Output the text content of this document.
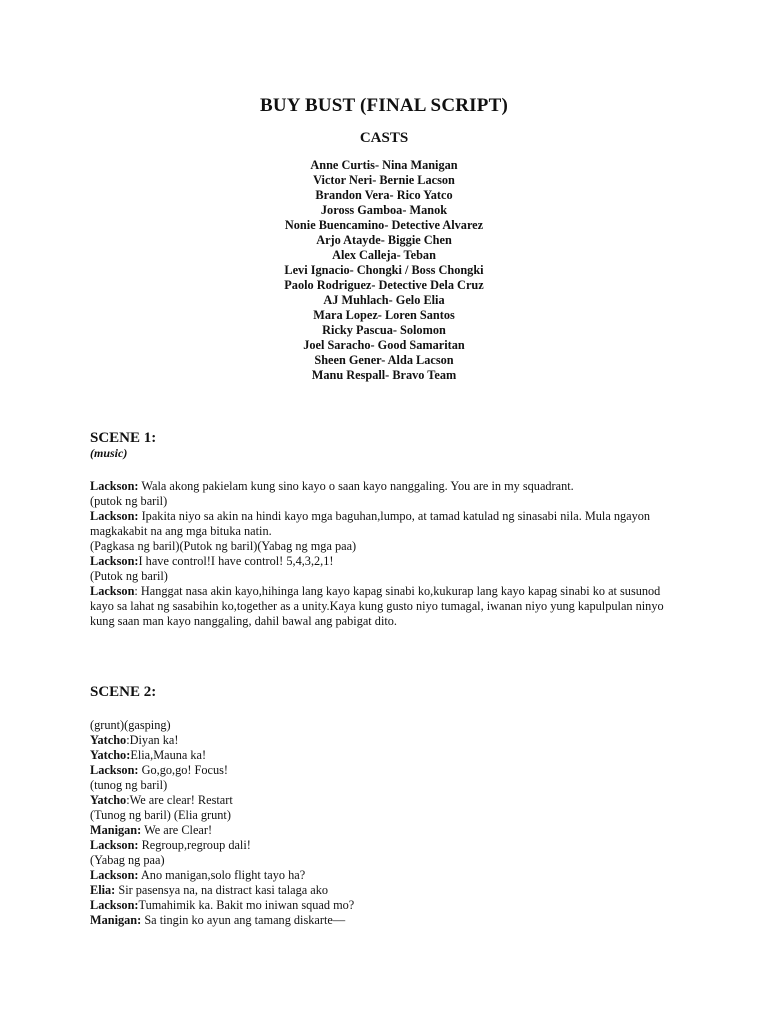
BUY BUST (FINAL SCRIPT)
CASTS
Anne Curtis- Nina Manigan
Victor Neri- Bernie Lacson
Brandon Vera- Rico Yatco
Joross Gamboa- Manok
Nonie Buencamino- Detective Alvarez
Arjo Atayde- Biggie Chen
Alex Calleja- Teban
Levi Ignacio- Chongki / Boss Chongki
Paolo Rodriguez- Detective Dela Cruz
AJ Muhlach- Gelo Elia
Mara Lopez- Loren Santos
Ricky Pascua- Solomon
Joel Saracho- Good Samaritan
Sheen Gener- Alda Lacson
Manu Respall- Bravo Team
SCENE 1:
(music)
Lackson: Wala akong pakielam kung sino kayo o saan kayo nanggaling. You are in my squadrant.
(putok ng baril)
Lackson: Ipakita niyo sa akin na hindi kayo mga baguhan,lumpo, at tamad katulad ng sinasabi nila. Mula ngayon
magkakabit na ang mga bituka natin.
(Pagkasa ng baril)(Putok ng baril)(Yabag ng mga paa)
Lackson:I have control!I have control! 5,4,3,2,1!
(Putok ng baril)
Lackson: Hanggat nasa akin kayo,hihinga lang kayo kapag sinabi ko,kukurap lang kayo kapag sinabi ko at susunod
kayo sa lahat ng sasabihin ko,together as a unity.Kaya kung gusto niyo tumagal, iwanan niyo yung kapulpulan ninyo
kung saan man kayo nanggaling, dahil bawal ang pabigat dito.
SCENE 2:
(grunt)(gasping)
Yatcho:Diyan ka!
Yatcho:Elia,Mauna ka!
Lackson: Go,go,go! Focus!
(tunog ng baril)
Yatcho:We are clear! Restart
(Tunog ng baril) (Elia grunt)
Manigan: We are Clear!
Lackson: Regroup,regroup dali!
(Yabag ng paa)
Lackson: Ano manigan,solo flight tayo ha?
Elia: Sir pasensya na, na distract kasi talaga ako
Lackson:Tumahimik ka. Bakit mo iniwan squad mo?
Manigan: Sa tingin ko ayun ang tamang diskarte—
